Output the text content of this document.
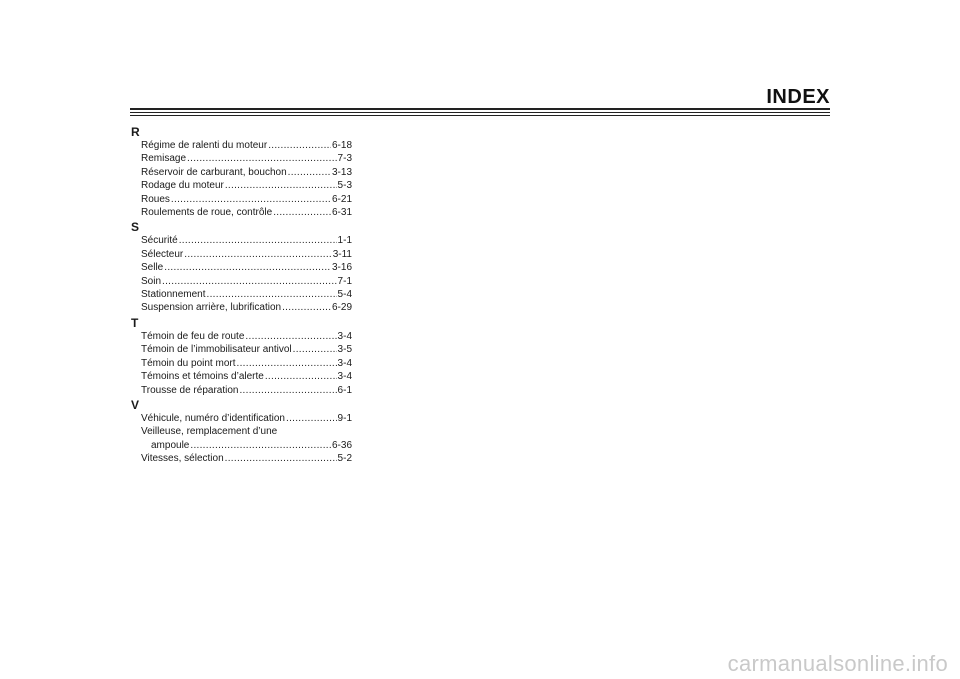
INDEX
R
Régime de ralenti du moteur .....	6-18
Remisage .....	7-3
Réservoir de carburant, bouchon .....	3-13
Rodage du moteur .....	5-3
Roues .....	6-21
Roulements de roue, contrôle .....	6-31
S
Sécurité .....	1-1
Sélecteur .....	3-11
Selle .....	3-16
Soin .....	7-1
Stationnement .....	5-4
Suspension arrière, lubrification .....	6-29
T
Témoin de feu de route .....	3-4
Témoin de l’immobilisateur antivol .....	3-5
Témoin du point mort .....	3-4
Témoins et témoins d’alerte .....	3-4
Trousse de réparation .....	6-1
V
Véhicule, numéro d’identification .....	9-1
Veilleuse, remplacement d’une
ampoule .....	6-36
Vitesses, sélection .....	5-2
carmanualsonline.info
